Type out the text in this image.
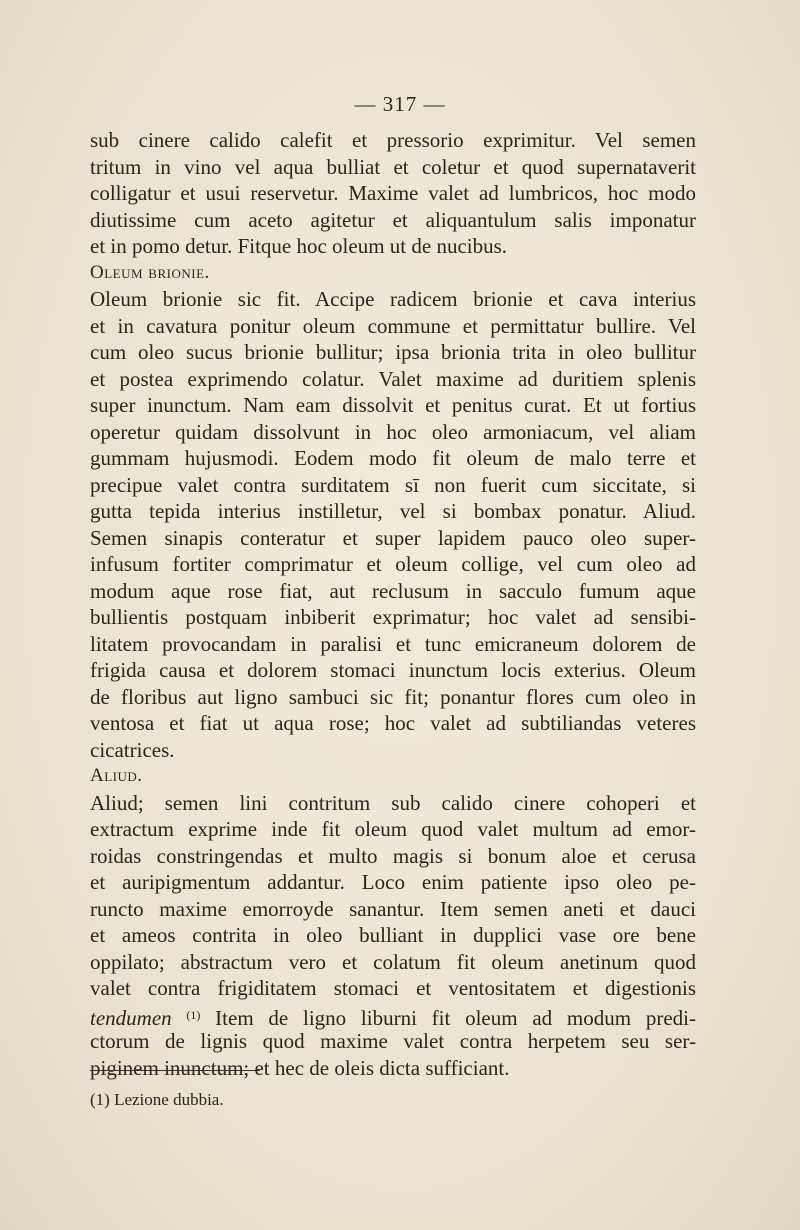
— 317 —
sub cinere calido calefit et pressorio exprimitur. Vel semen
tritum in vino vel aqua bulliat et coletur et quod supernataverit
colligatur et usui reservetur. Maxime valet ad lumbricos, hoc modo
diutissime cum aceto agitetur et aliquantulum salis imponatur
et in pomo detur. Fitque hoc oleum ut de nucibus.
Oleum brionie.
Oleum brionie sic fit. Accipe radicem brionie et cava interius
et in cavatura ponitur oleum commune et permittatur bullire. Vel
cum oleo sucus brionie bullitur; ipsa brionia trita in oleo bullitur
et postea exprimendo colatur. Valet maxime ad duritiem splenis
super inunctum. Nam eam dissolvit et penitus curat. Et ut fortius
operetur quidam dissolvunt in hoc oleo armoniacum, vel aliam
gummam hujusmodi. Eodem modo fit oleum de malo terre et
precipue valet contra surditatem sī non fuerit cum siccitate, si
gutta tepida interius instilletur, vel si bombax ponatur. Aliud.
Semen sinapis conteratur et super lapidem pauco oleo super-
infusum fortiter comprimatur et oleum collige, vel cum oleo ad
modum aque rose fiat, aut reclusum in sacculo fumum aque
bullientis postquam inbiberit exprimatur; hoc valet ad sensibi-
litatem provocandam in paralisi et tunc emicraneum dolorem de
frigida causa et dolorem stomaci inunctum locis exterius. Oleum
de floribus aut ligno sambuci sic fit; ponantur flores cum oleo in
ventosa et fiat ut aqua rose; hoc valet ad subtiliandas veteres
cicatrices.
Aliud.
Aliud; semen lini contritum sub calido cinere cohoperi et
extractum exprime inde fit oleum quod valet multum ad emor-
roidas constringendas et multo magis si bonum aloe et cerusa
et auripigmentum addantur. Loco enim patiente ipso oleo pe-
runcto maxime emorroyde sanantur. Item semen aneti et dauci
et ameos contrita in oleo bulliant in dupplici vase ore bene
oppilato; abstractum vero et colatum fit oleum anetinum quod
valet contra frigiditatem stomaci et ventositatem et digestionis
tendumen $^{(1)}$ Item de ligno liburni fit oleum ad modum predi-
ctorum de lignis quod maxime valet contra herpetem seu ser-
piginem inunctum; et hec de oleis dicta sufficiant.
(1) Lezione dubbia.
